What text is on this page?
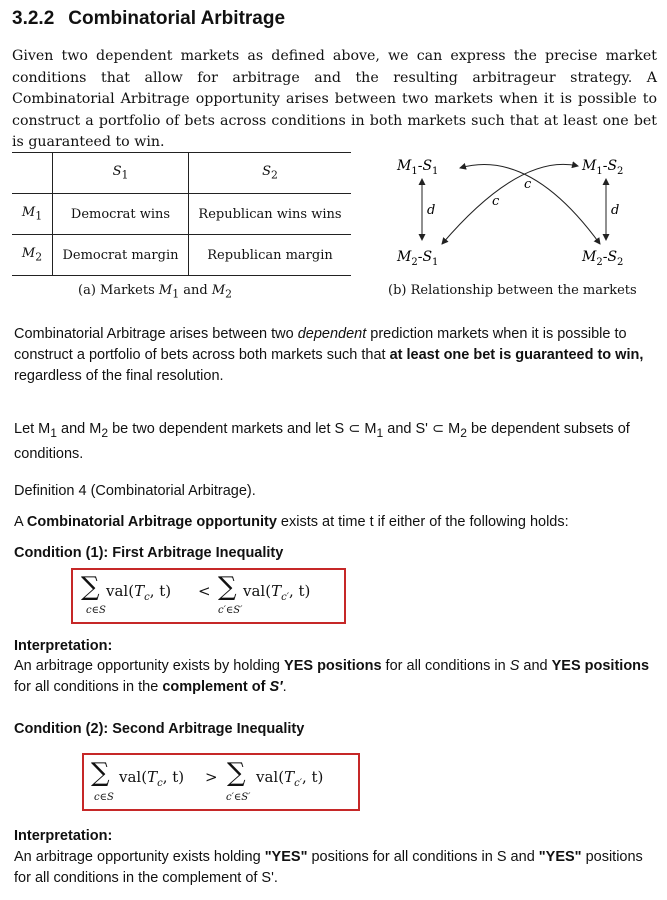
3.2.2 Combinatorial Arbitrage
Given two dependent markets as defined above, we can express the precise market conditions that allow for arbitrage and the resulting arbitrageur strategy. A Combinatorial Arbitrage opportunity arises between two markets when it is possible to construct a portfolio of bets across conditions in both markets such that at least one bet is guaranteed to win.
	$S_1$	$S_2$
$M_1$	Democrat wins	Republican wins wins
$M_2$	Democrat margin	Republican margin
(a) Markets $M_1$ and $M_2$
$M_1-S_1$	$M_1-S_2$
$M_2-S_1$	$M_2-S_2$
d	d
c
c
(b) Relationship between the markets
Combinatorial Arbitrage arises between two dependent prediction markets when it is possible to construct a portfolio of bets across both markets such that at least one bet is guaranteed to win, regardless of the final resolution.
Let $M_1$ and $M_2$ be two dependent markets and let S ⊂ $M_1$ and S' ⊂ $M_2$ be dependent subsets of conditions.
Definition 4 (Combinatorial Arbitrage).
A Combinatorial Arbitrage opportunity exists at time t if either of the following holds:
Condition (1): First Arbitrage Inequality
∑ $val(T_c$, t)
c∈S
< ∑ $val(T_{c'}$, t)
c′∈S′
Interpretation:
An arbitrage opportunity exists by holding YES positions for all conditions in S and YES positions for all conditions in the complement of S′.
Condition (2): Second Arbitrage Inequality
∑ $val(T_c$, t)
c∈S
> ∑ $val(T_{c'}$, t)
c′∈S′
Interpretation:
An arbitrage opportunity exists holding "YES" positions for all conditions in S and "YES" positions for all conditions in the complement of S'.
